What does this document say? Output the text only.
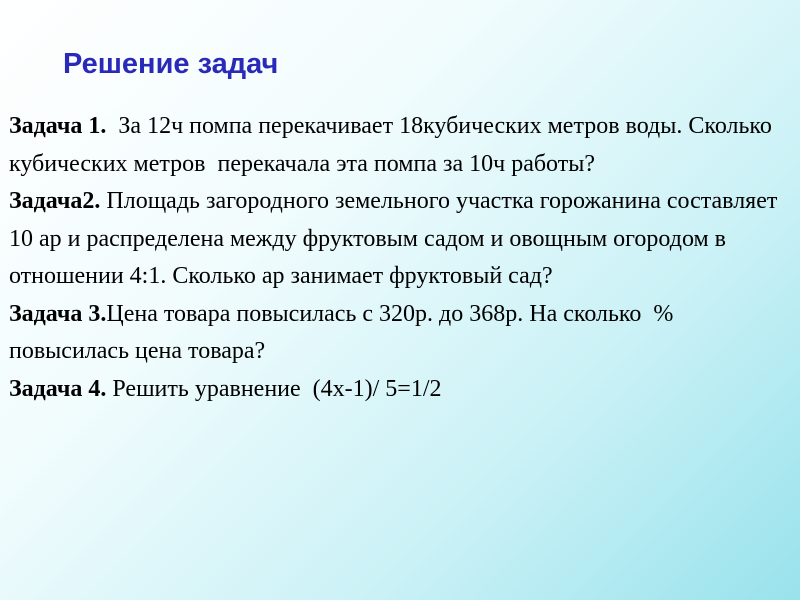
Решение задач

Задача 1.  За 12ч помпа перекачивает 18кубических метров воды. Сколько кубических метров  перекачала эта помпа за 10ч работы?

Задача2. Площадь загородного земельного участка горожанина составляет 10 ар и распределена между фруктовым садом и овощным огородом в отношении 4:1. Сколько ар занимает фруктовый сад?

Задача 3.Цена товара повысилась с 320р. до 368р. На сколько  % повысилась цена товара?

Задача 4. Решить уравнение  (4х-1)/ 5=1/2
